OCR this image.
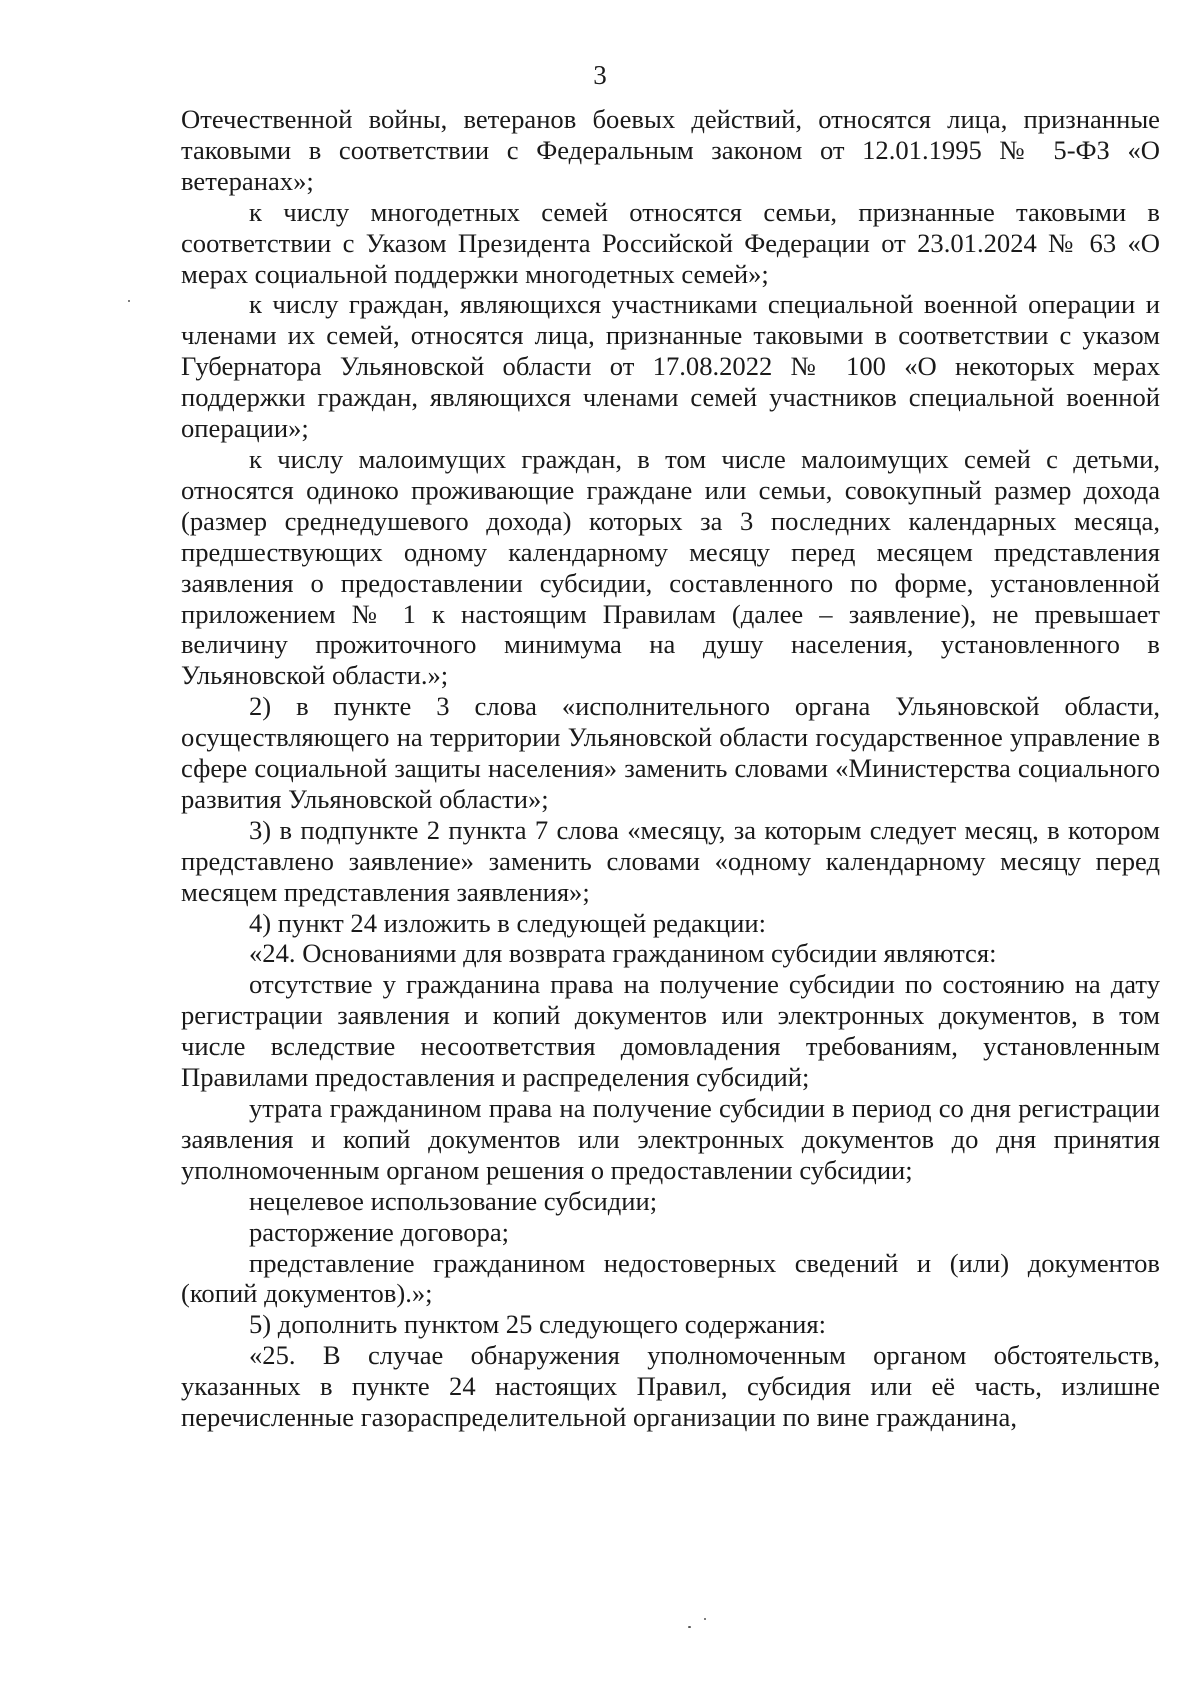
3

Отечественной войны, ветеранов боевых действий, относятся лица, признанные таковыми в соответствии с Федеральным законом от 12.01.1995 № 5-ФЗ «О ветеранах»;

к числу многодетных семей относятся семьи, признанные таковыми в соответствии с Указом Президента Российской Федерации от 23.01.2024 № 63 «О мерах социальной поддержки многодетных семей»;

к числу граждан, являющихся участниками специальной военной операции и членами их семей, относятся лица, признанные таковыми в соответствии с указом Губернатора Ульяновской области от 17.08.2022 № 100 «О некоторых мерах поддержки граждан, являющихся членами семей участников специальной военной операции»;

к числу малоимущих граждан, в том числе малоимущих семей с детьми, относятся одиноко проживающие граждане или семьи, совокупный размер дохода (размер среднедушевого дохода) которых за 3 последних календарных месяца, предшествующих одному календарному месяцу перед месяцем представления заявления о предоставлении субсидии, составленного по форме, установленной приложением № 1 к настоящим Правилам (далее – заявление), не превышает величину прожиточного минимума на душу населения, установленного в Ульяновской области.»;

2) в пункте 3 слова «исполнительного органа Ульяновской области, осуществляющего на территории Ульяновской области государственное управление в сфере социальной защиты населения» заменить словами «Министерства социального развития Ульяновской области»;

3) в подпункте 2 пункта 7 слова «месяцу, за которым следует месяц, в котором представлено заявление» заменить словами «одному календарному месяцу перед месяцем представления заявления»;

4) пункт 24 изложить в следующей редакции:

«24. Основаниями для возврата гражданином субсидии являются:

отсутствие у гражданина права на получение субсидии по состоянию на дату регистрации заявления и копий документов или электронных документов, в том числе вследствие несоответствия домовладения требованиям, установленным Правилами предоставления и распределения субсидий;

утрата гражданином права на получение субсидии в период со дня регистрации заявления и копий документов или электронных документов до дня принятия уполномоченным органом решения о предоставлении субсидии;

нецелевое использование субсидии;

расторжение договора;

представление гражданином недостоверных сведений и (или) документов (копий документов).»;

5) дополнить пунктом 25 следующего содержания:

«25. В случае обнаружения уполномоченным органом обстоятельств, указанных в пункте 24 настоящих Правил, субсидия или её часть, излишне перечисленные газораспределительной организации по вине гражданина,
